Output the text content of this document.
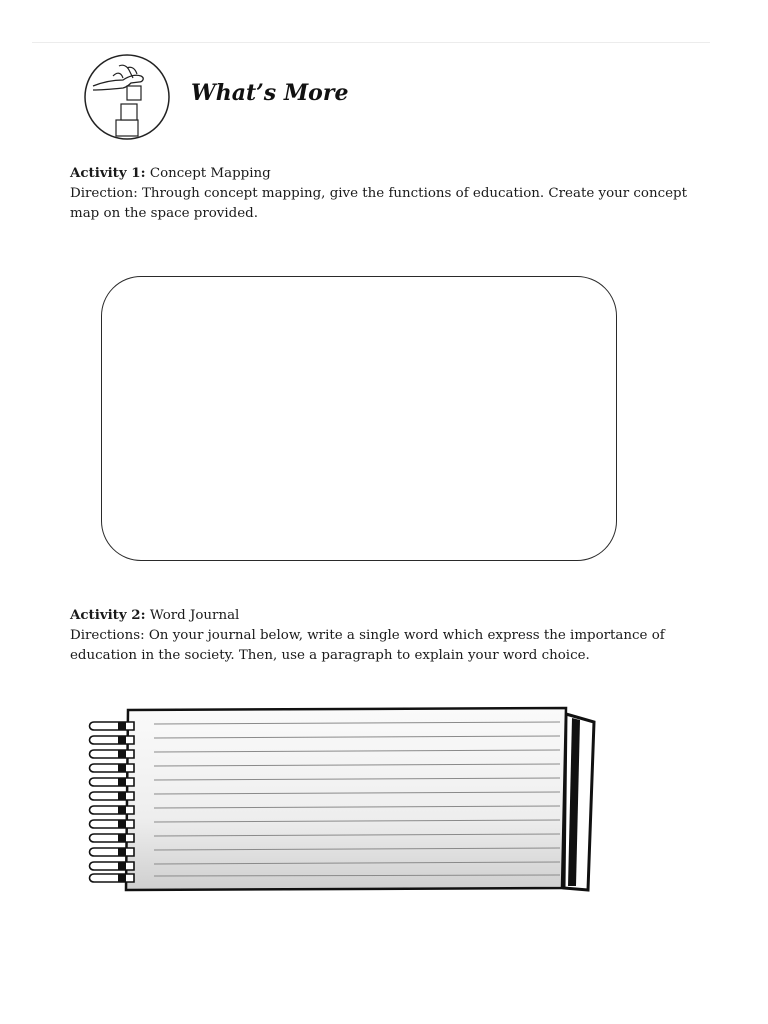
What’s More

Activity 1: Concept Mapping

Direction: Through concept mapping, give the functions of education. Create your concept map on the space provided.

Activity 2: Word Journal

Directions: On your journal below, write a single word which express the importance of education in the society. Then, use a paragraph to explain your word choice.
